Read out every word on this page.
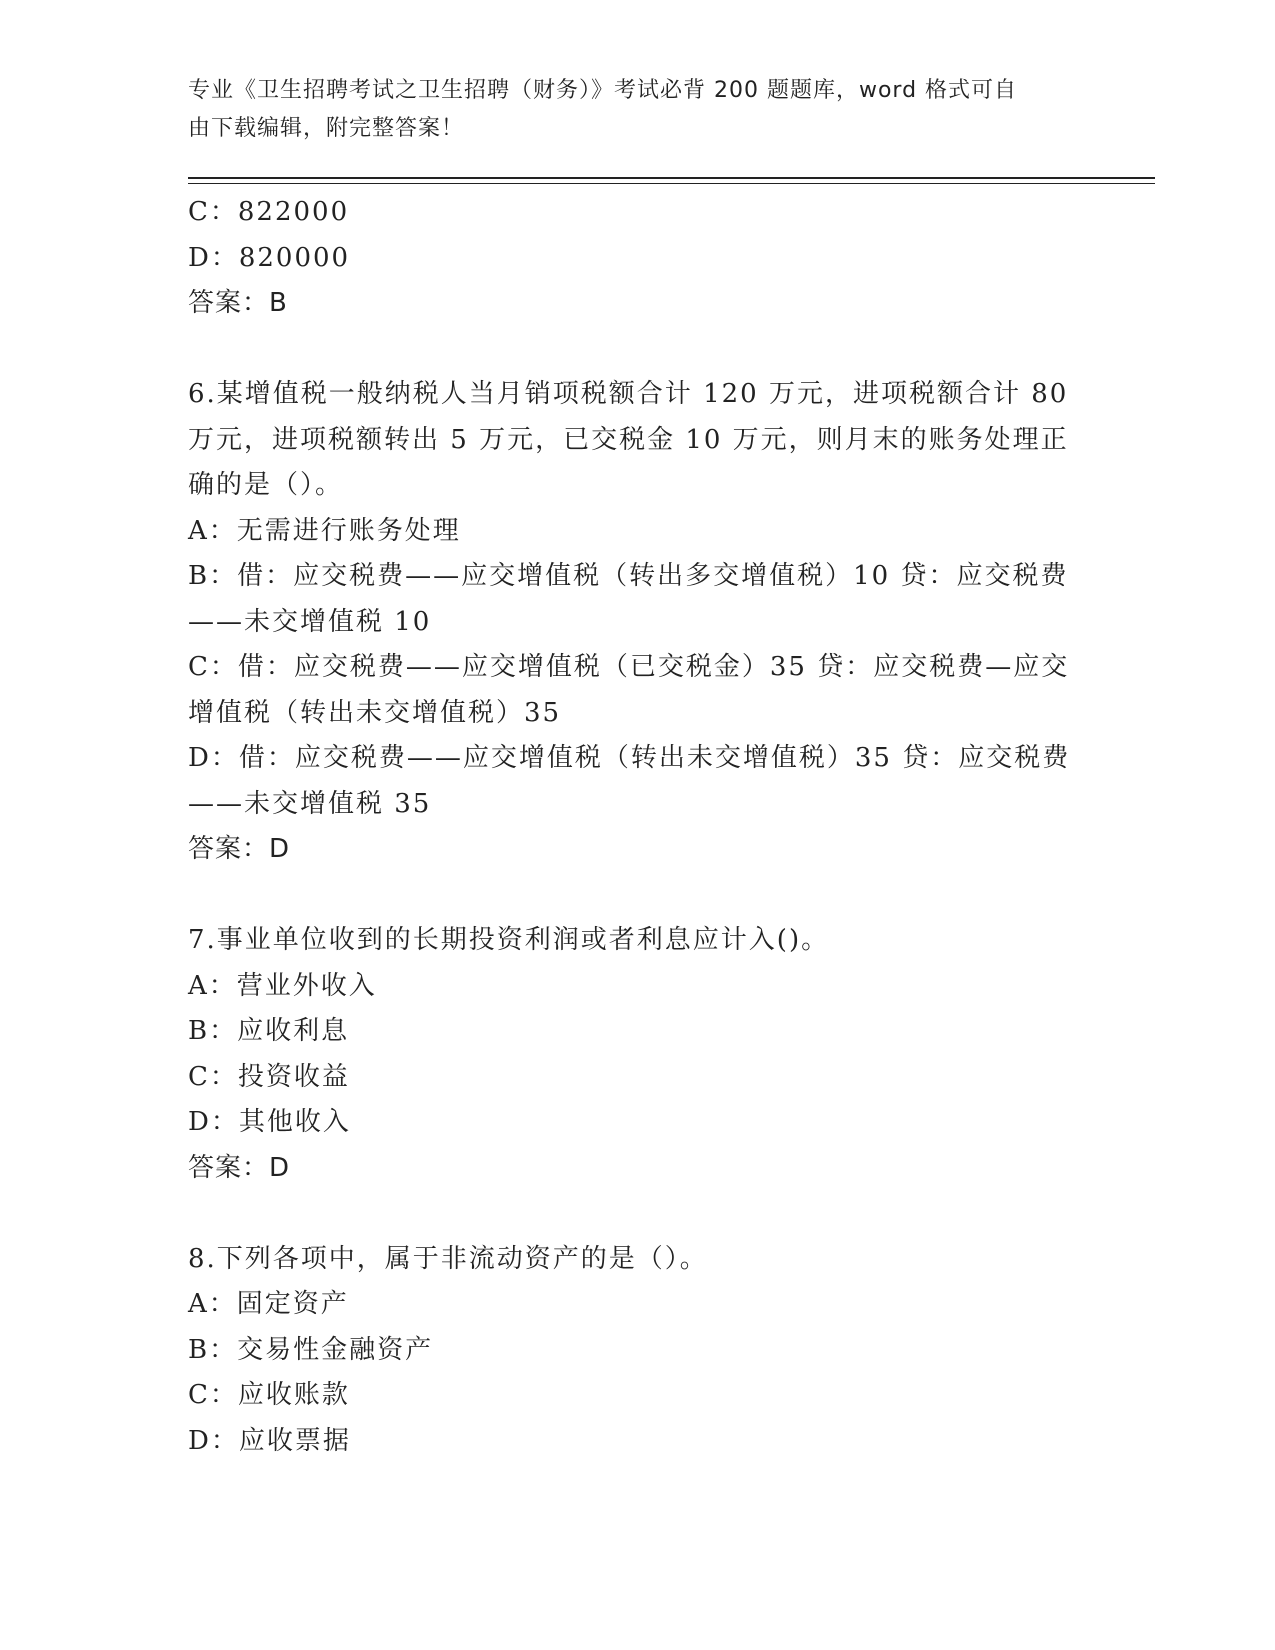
专业《卫生招聘考试之卫生招聘（财务）》考试必背 200 题题库，word 格式可自
由下载编辑，附完整答案！
C：822000
D：820000
答案：B
6.某增值税一般纳税人当月销项税额合计 120 万元，进项税额合计 80
万元，进项税额转出 5 万元，已交税金 10 万元，则月末的账务处理正
确的是（）。
A：无需进行账务处理
B：借：应交税费——应交增值税（转出多交增值税）10 贷：应交税费
——未交增值税 10
C：借：应交税费——应交增值税（已交税金）35 贷：应交税费—应交
增值税（转出未交增值税）35
D：借：应交税费——应交增值税（转出未交增值税）35 贷：应交税费
——未交增值税 35
答案：D
7.事业单位收到的长期投资利润或者利息应计入()。
A：营业外收入
B：应收利息
C：投资收益
D：其他收入
答案：D
8.下列各项中，属于非流动资产的是（）。
A：固定资产
B：交易性金融资产
C：应收账款
D：应收票据
